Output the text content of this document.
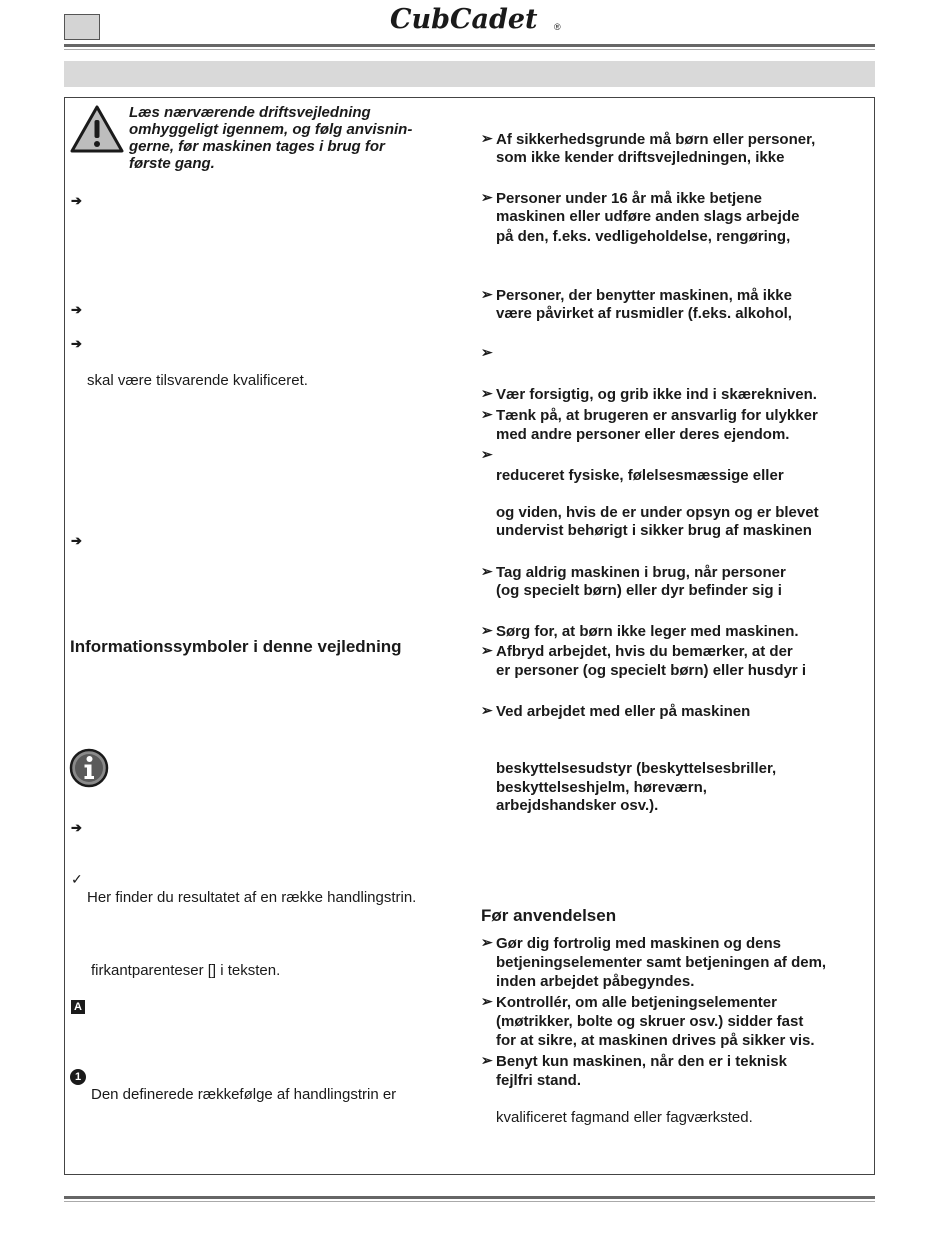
CubCadet ®
Læs nærværende driftsvejledning
omhyggeligt igennem, og følg anvisnin-
gerne, før maskinen tages i brug for
første gang.
➔
➔
➔
skal være tilsvarende kvalificeret.
➔
Informationssymboler i denne vejledning
➔
✓
Her finder du resultatet af en række handlingstrin.
firkantparenteser [] i teksten.
A
1
Den definerede rækkefølge af handlingstrin er
➢ Af sikkerhedsgrunde må børn eller personer,
som ikke kender driftsvejledningen, ikke
➢ Personer under 16 år må ikke betjene
maskinen eller udføre anden slags arbejde
på den, f.eks. vedligeholdelse, rengøring,
➢ Personer, der benytter maskinen, må ikke
være påvirket af rusmidler (f.eks. alkohol,
➢
➢ Vær forsigtig, og grib ikke ind i skærekniven.
➢ Tænk på, at brugeren er ansvarlig for ulykker
med andre personer eller deres ejendom.
➢
reduceret fysiske, følelsesmæssige eller
og viden, hvis de er under opsyn og er blevet
undervist behørigt i sikker brug af maskinen
➢ Tag aldrig maskinen i brug, når personer
(og specielt børn) eller dyr befinder sig i
➢ Sørg for, at børn ikke leger med maskinen.
➢ Afbryd arbejdet, hvis du bemærker, at der
er personer (og specielt børn) eller husdyr i
➢ Ved arbejdet med eller på maskinen
beskyttelsesudstyr (beskyttelsesbriller,
beskyttelseshjelm, høreværn,
arbejdshandsker osv.).
Før anvendelsen
➢ Gør dig fortrolig med maskinen og dens
betjeningselementer samt betjeningen af dem,
inden arbejdet påbegyndes.
➢ Kontrollér, om alle betjeningselementer
(møtrikker, bolte og skruer osv.) sidder fast
for at sikre, at maskinen drives på sikker vis.
➢ Benyt kun maskinen, når den er i teknisk
fejlfri stand.
kvalificeret fagmand eller fagværksted.
